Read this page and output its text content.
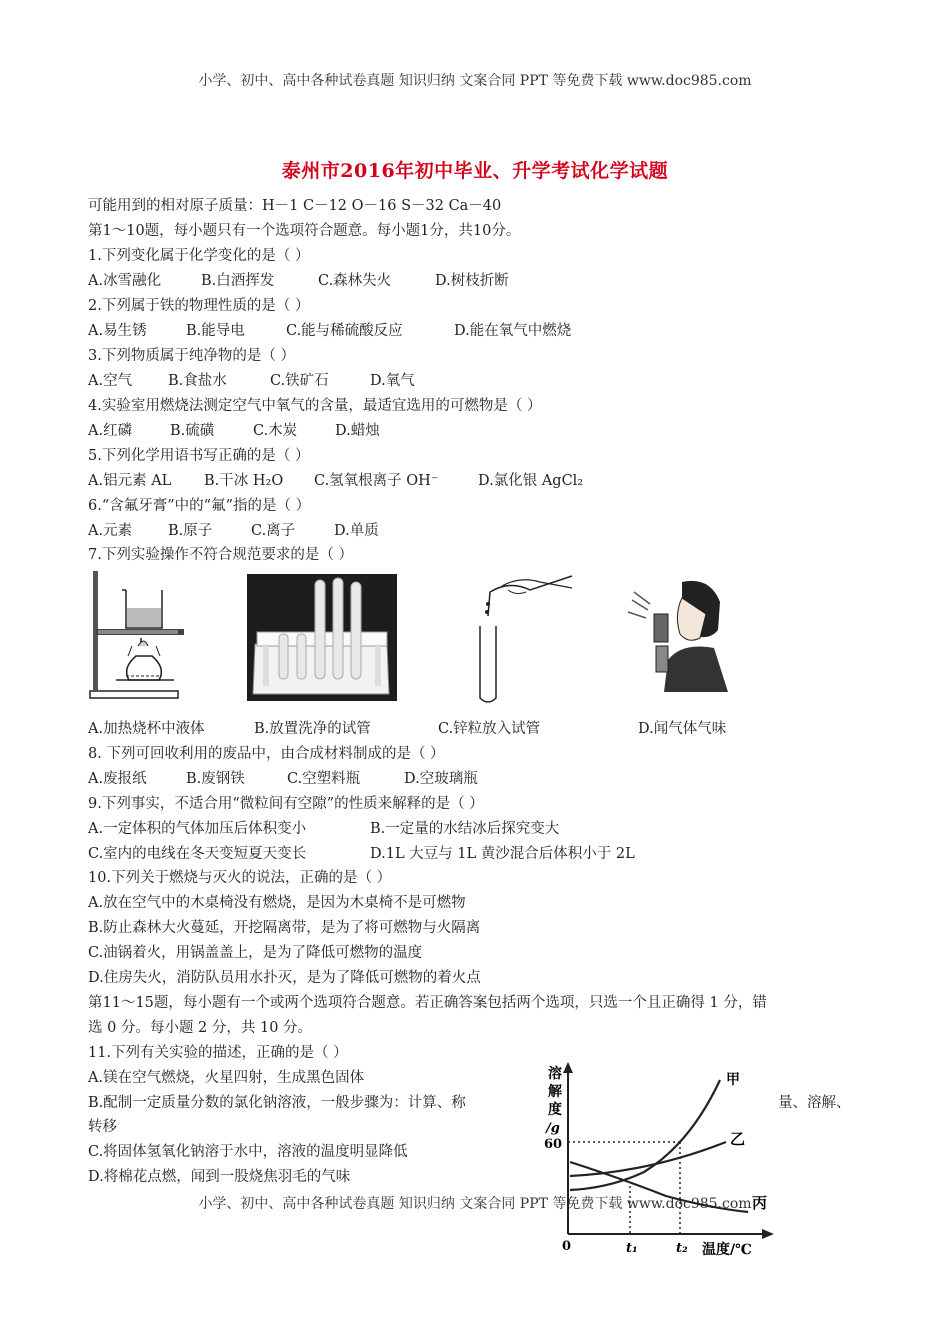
小学、初中、高中各种试卷真题 知识归纳 文案合同 PPT 等免费下载 www.doc985.com
小学、初中、高中各种试卷真题 知识归纳 文案合同 PPT 等免费下载 www.doc985.com
泰州市2016年初中毕业、升学考试化学试题
可能用到的相对原子质量：H－1 C－12 O－16 S－32 Ca－40
第1～10题，每小题只有一个选项符合题意。每小题1分，共10分。
1.下列变化属于化学变化的是（ ）
A.冰雪融化	B.白酒挥发	C.森林失火	D.树枝折断
2.下列属于铁的物理性质的是（ ）
A.易生锈	B.能导电	C.能与稀硫酸反应	D.能在氧气中燃烧
3.下列物质属于纯净物的是（ ）
A.空气 B.食盐水	C.铁矿石	D.氧气
4.实验室用燃烧法测定空气中氧气的含量，最适宜选用的可燃物是（ ）
A.红磷	B.硫磺	C.木炭	D.蜡烛
5.下列化学用语书写正确的是（ ）
A.铝元素 AL B.干冰 H₂O C.氢氧根离子 OH⁻	D.氯化银 AgCl₂
6.“含氟牙膏”中的“氟”指的是（ ）
A.元素 B.原子	C.离子	D.单质
7.下列实验操作不符合规范要求的是（ ）
A.加热烧杯中液体	B.放置洗净的试管	C.锌粒放入试管	D.闻气体气味
8. 下列可回收利用的废品中，由合成材料制成的是（ ）
A.废报纸	B.废钢铁	C.空塑料瓶	D.空玻璃瓶
9.下列事实，不适合用“微粒间有空隙”的性质来解释的是（ ）
A.一定体积的气体加压后体积变小	B.一定量的水结冰后探究变大
C.室内的电线在冬天变短夏天变长	D.1L 大豆与 1L 黄沙混合后体积小于 2L
10.下列关于燃烧与灭火的说法，正确的是（ ）
A.放在空气中的木桌椅没有燃烧，是因为木桌椅不是可燃物
B.防止森林大火蔓延，开挖隔离带，是为了将可燃物与火隔离
C.油锅着火，用锅盖盖上，是为了降低可燃物的温度
D.住房失火，消防队员用水扑灭，是为了降低可燃物的着火点
第11～15题，每小题有一个或两个选项符合题意。若正确答案包括两个选项，只选一个且正确得 1 分，错
选 0 分。每小题 2 分，共 10 分。
11.下列有关实验的描述，正确的是（ ）
A.镁在空气燃烧，火星四射，生成黑色固体
B.配制一定质量分数的氯化钠溶液，一般步骤为：计算、称	量、溶解、
转移
C.将固体氢氧化钠溶于水中，溶液的温度明显降低
D.将棉花点燃，闻到一股烧焦羽毛的气味
甲
乙
丙
溶
解
度
/g
60
0	t₁	t₂ 温度/℃
